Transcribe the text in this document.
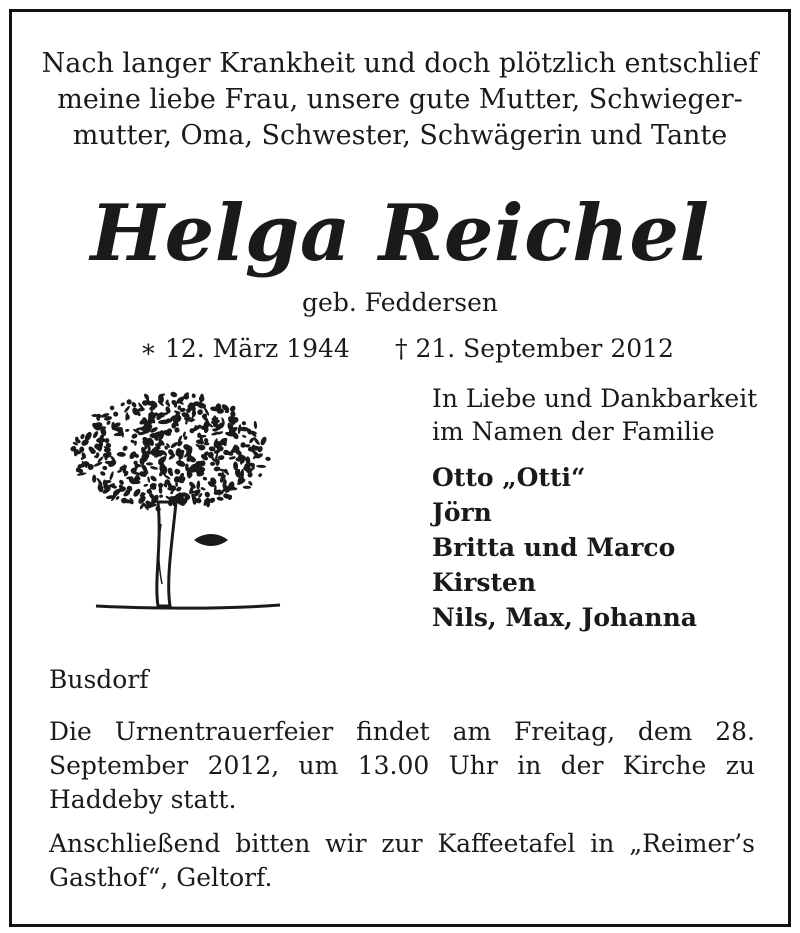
Nach langer Krankheit und doch plötzlich entschlief
meine liebe Frau, unsere gute Mutter, Schwieger-
mutter, Oma, Schwester, Schwägerin und Tante
Helga Reichel
geb. Feddersen
∗ 12. März 1944 † 21. September 2012
In Liebe und Dankbarkeit
im Namen der Familie
Otto „Otti“
Jörn
Britta und Marco
Kirsten
Nils, Max, Johanna
Busdorf
Die Urnentrauerfeier findet am Freitag, dem 28. September 2012, um 13.00 Uhr in der Kirche zu Haddeby statt.
Anschließend bitten wir zur Kaffeetafel in „Reimer’s Gasthof“, Geltorf.
